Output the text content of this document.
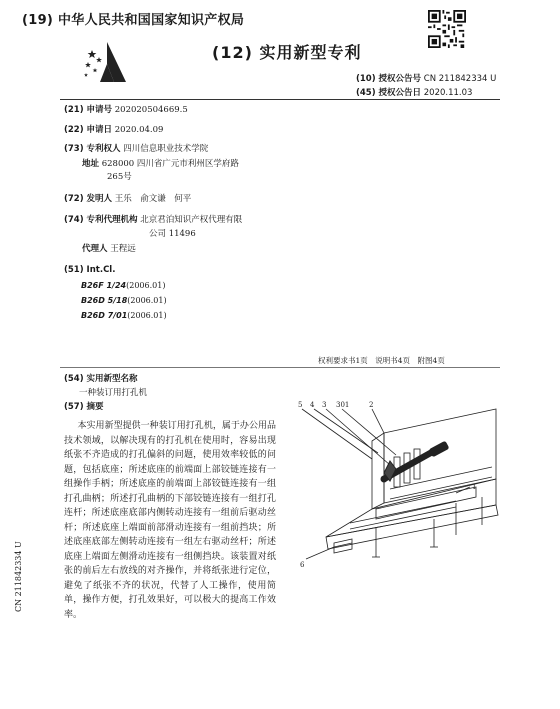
(19) 中华人民共和国国家知识产权局
(12) 实用新型专利
(10) 授权公告号 CN 211842334 U
(45) 授权公告日 2020.11.03
(21) 申请号 202020504669.5
(22) 申请日 2020.04.09
(73) 专利权人 四川信息职业技术学院
地址 628000 四川省广元市利州区学府路
265号
(72) 发明人 王乐　俞文谦　何平
(74) 专利代理机构 北京君泊知识产权代理有限
公司 11496
代理人 王程远
(51) Int.Cl.
B26F 1/24(2006.01)
B26D 5/18(2006.01)
B26D 7/01(2006.01)
权利要求书1页　说明书4页　附图4页
(54) 实用新型名称
一种装订用打孔机
(57) 摘要
本实用新型提供一种装订用打孔机，属于办公用品技术领域，以解决现有的打孔机在使用时，容易出现纸张不齐造成的打孔偏斜的问题，使用效率较低的问题，包括底座；所述底座的前端面上部铰链连接有一组操作手柄；所述底座的前端面上部铰链连接有一组打孔曲柄；所述打孔曲柄的下部铰链连接有一组打孔连杆；所述底座底部内侧转动连接有一组前后驱动丝杆；所述底座上端面前部滑动连接有一组前挡块；所述底座底部左侧转动连接有一组左右驱动丝杆；所述底座上端面左侧滑动连接有一组侧挡块。该装置对纸张的前后左右放线的对齐操作，并将纸张进行定位，避免了纸张不齐的状况，代替了人工操作，使用简单，操作方便，打孔效果好，可以极大的提高工作效率。
CN 211842334 U
5 4 3 301	2
1
6
